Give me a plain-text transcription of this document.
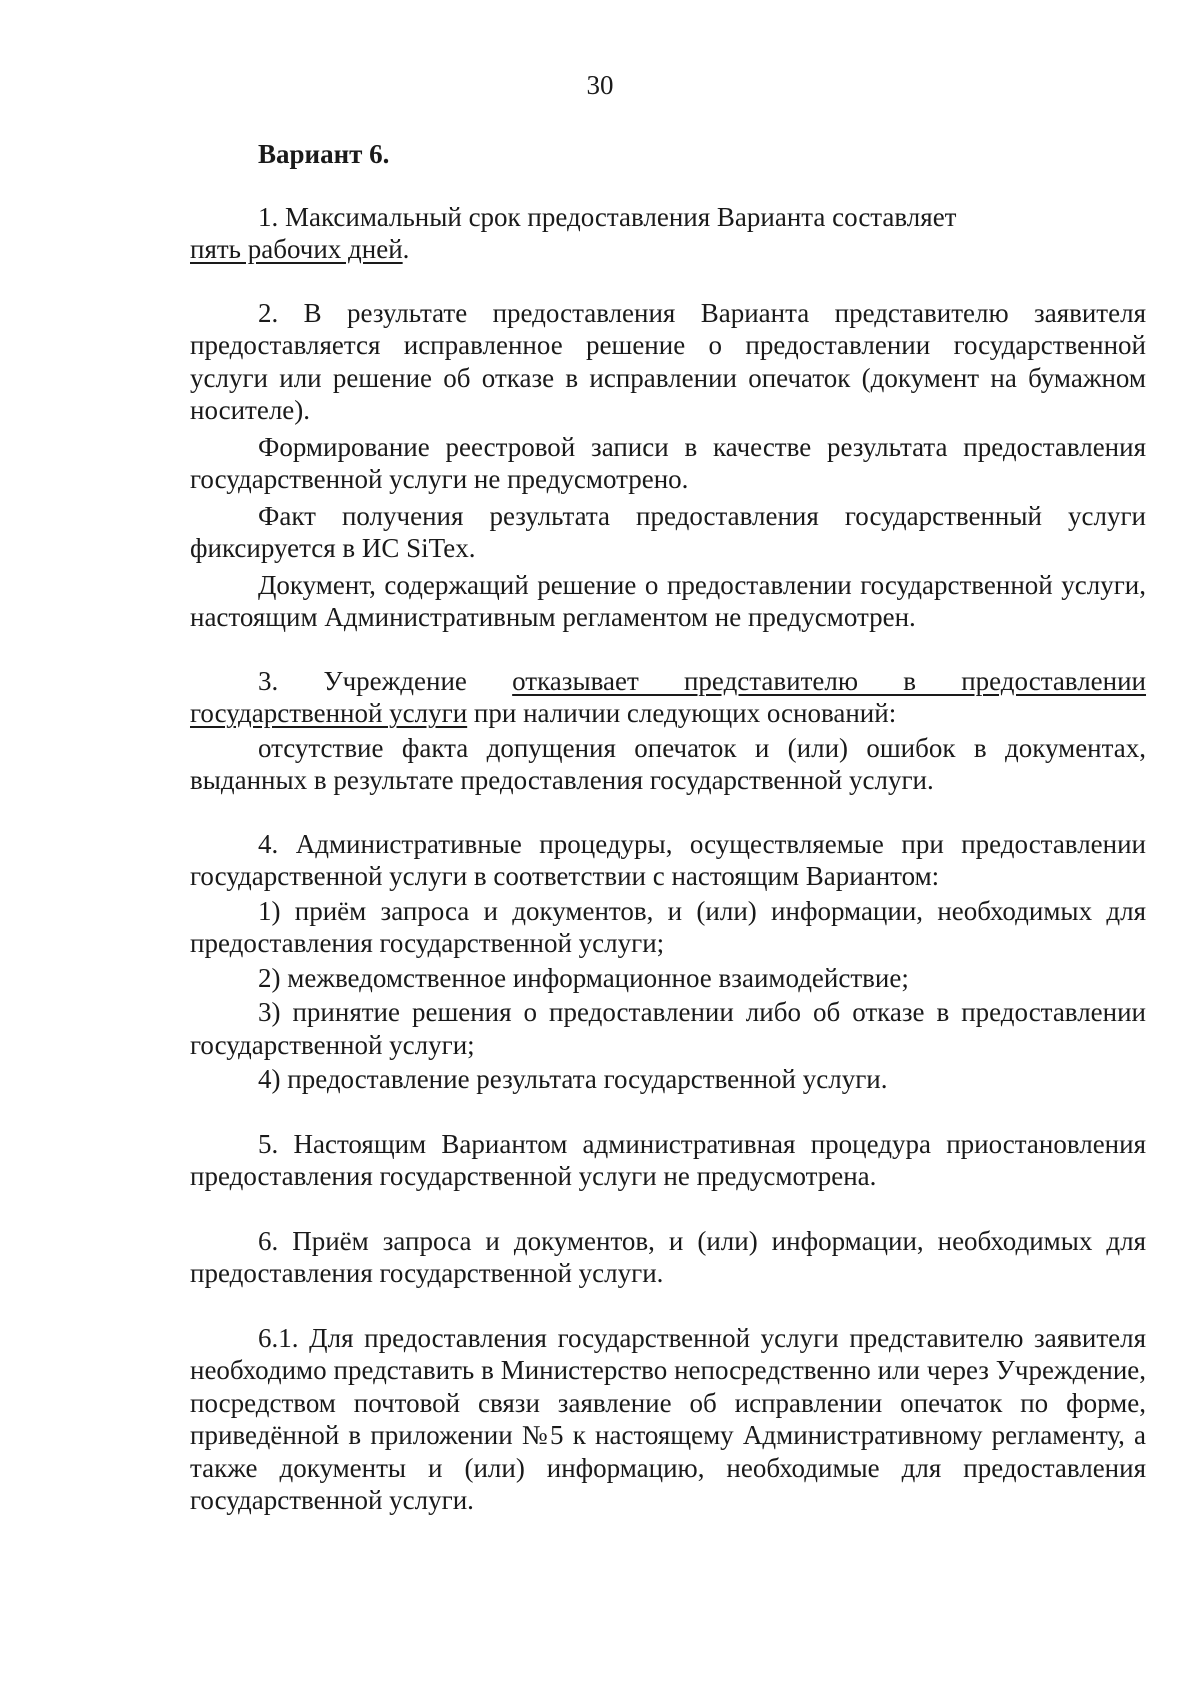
30
Вариант 6.

1. Максимальный срок предоставления Варианта составляет
пять рабочих дней.

2. В результате предоставления Варианта представителю заявителя предоставляется исправленное решение о предоставлении государственной услуги или решение об отказе в исправлении опечаток (документ на бумажном носителе).

Формирование реестровой записи в качестве результата предоставления государственной услуги не предусмотрено.

Факт получения результата предоставления государственный услуги фиксируется в ИС SiTex.

Документ, содержащий решение о предоставлении государственной услуги, настоящим Административным регламентом не предусмотрен.

3. Учреждение отказывает представителю в предоставлении государственной услуги при наличии следующих оснований:

отсутствие факта допущения опечаток и (или) ошибок в документах, выданных в результате предоставления государственной услуги.

4. Административные процедуры, осуществляемые при предоставлении государственной услуги в соответствии с настоящим Вариантом:

1) приём запроса и документов, и (или) информации, необходимых для предоставления государственной услуги;

2) межведомственное информационное взаимодействие;

3) принятие решения о предоставлении либо об отказе в предоставлении государственной услуги;

4) предоставление результата государственной услуги.

5. Настоящим Вариантом административная процедура приостановления предоставления государственной услуги не предусмотрена.

6. Приём запроса и документов, и (или) информации, необходимых для предоставления государственной услуги.

6.1. Для предоставления государственной услуги представителю заявителя необходимо представить в Министерство непосредственно или через Учреждение, посредством почтовой связи заявление об исправлении опечаток по форме, приведённой в приложении №5 к настоящему Административному регламенту, а также документы и (или) информацию, необходимые для предоставления государственной услуги.
